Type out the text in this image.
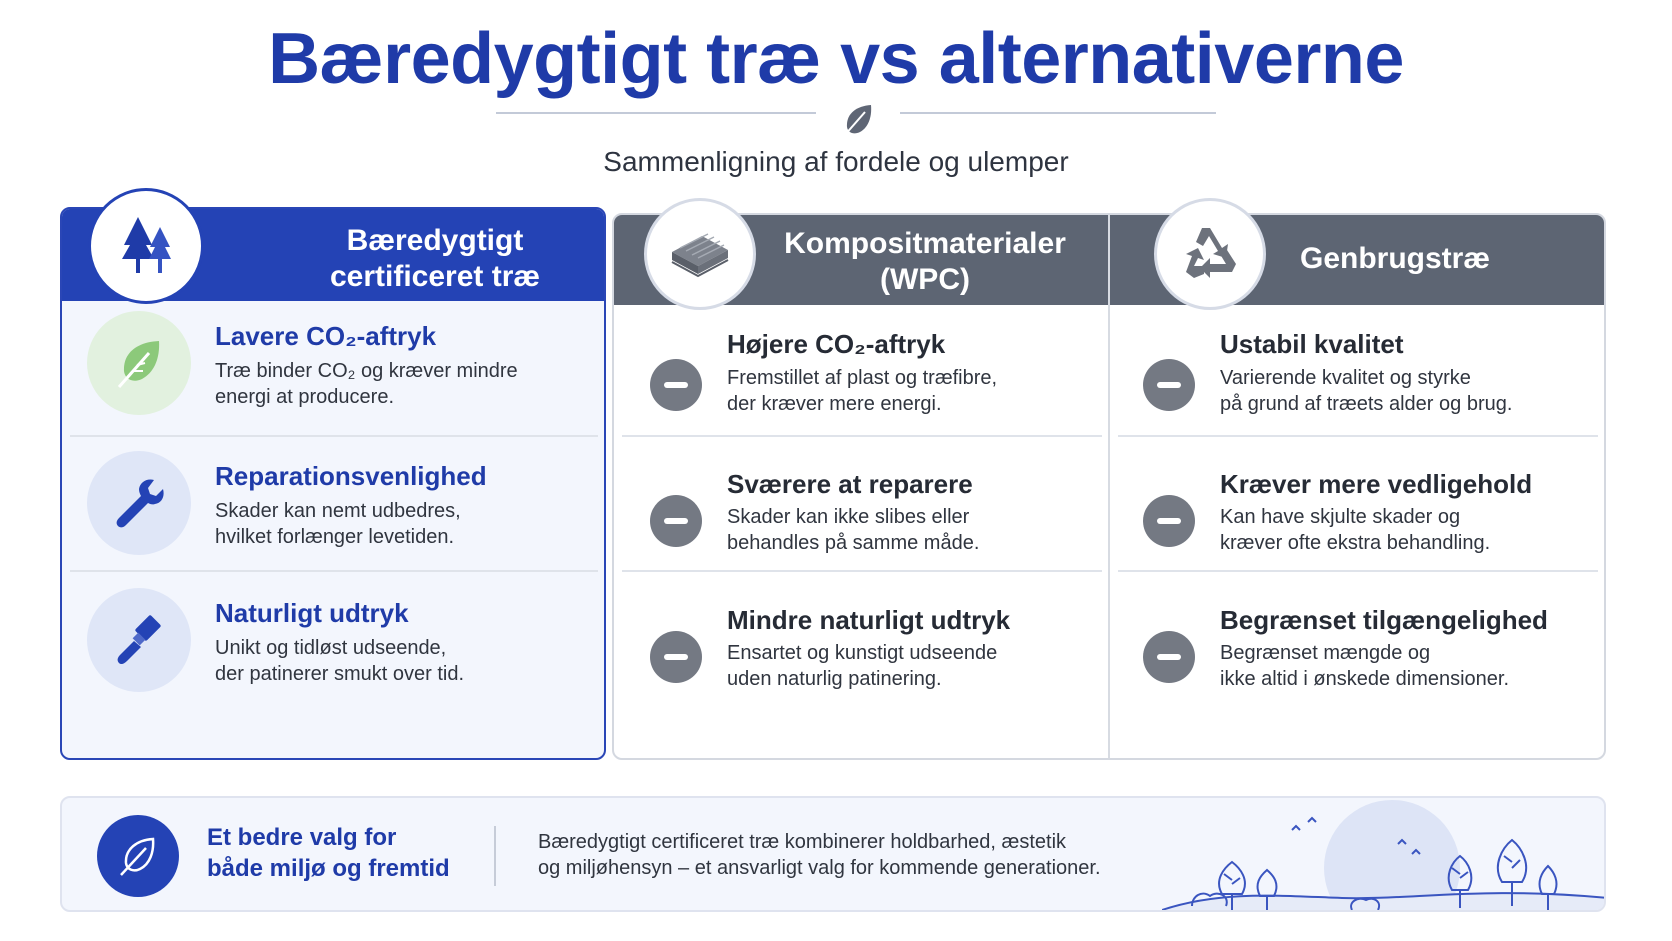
Bæredygtigt træ vs alternativerne
Sammenligning af fordele og ulemper
Lavere CO₂-aftryk
Træ binder CO₂ og kræver mindre
energi at producere.
Reparationsvenlighed
Skader kan nemt udbedres,
hvilket forlænger levetiden.
Naturligt udtryk
Unikt og tidløst udseende,
der patinerer smukt over tid.
Bæredygtigt
certificeret træ
Højere CO₂-aftryk
Fremstillet af plast og træfibre,
der kræver mere energi.
Sværere at reparere
Skader kan ikke slibes eller
behandles på samme måde.
Mindre naturligt udtryk
Ensartet og kunstigt udseende
uden naturlig patinering.
Ustabil kvalitet
Varierende kvalitet og styrke
på grund af træets alder og brug.
Kræver mere vedligehold
Kan have skjulte skader og
kræver ofte ekstra behandling.
Begrænset tilgængelighed
Begrænset mængde og
ikke altid i ønskede dimensioner.
Kompositmaterialer
(WPC)
Genbrugstræ
Et bedre valg for
både miljø og fremtid
Bæredygtigt certificeret træ kombinerer holdbarhed, æstetik
og miljøhensyn – et ansvarligt valg for kommende generationer.
